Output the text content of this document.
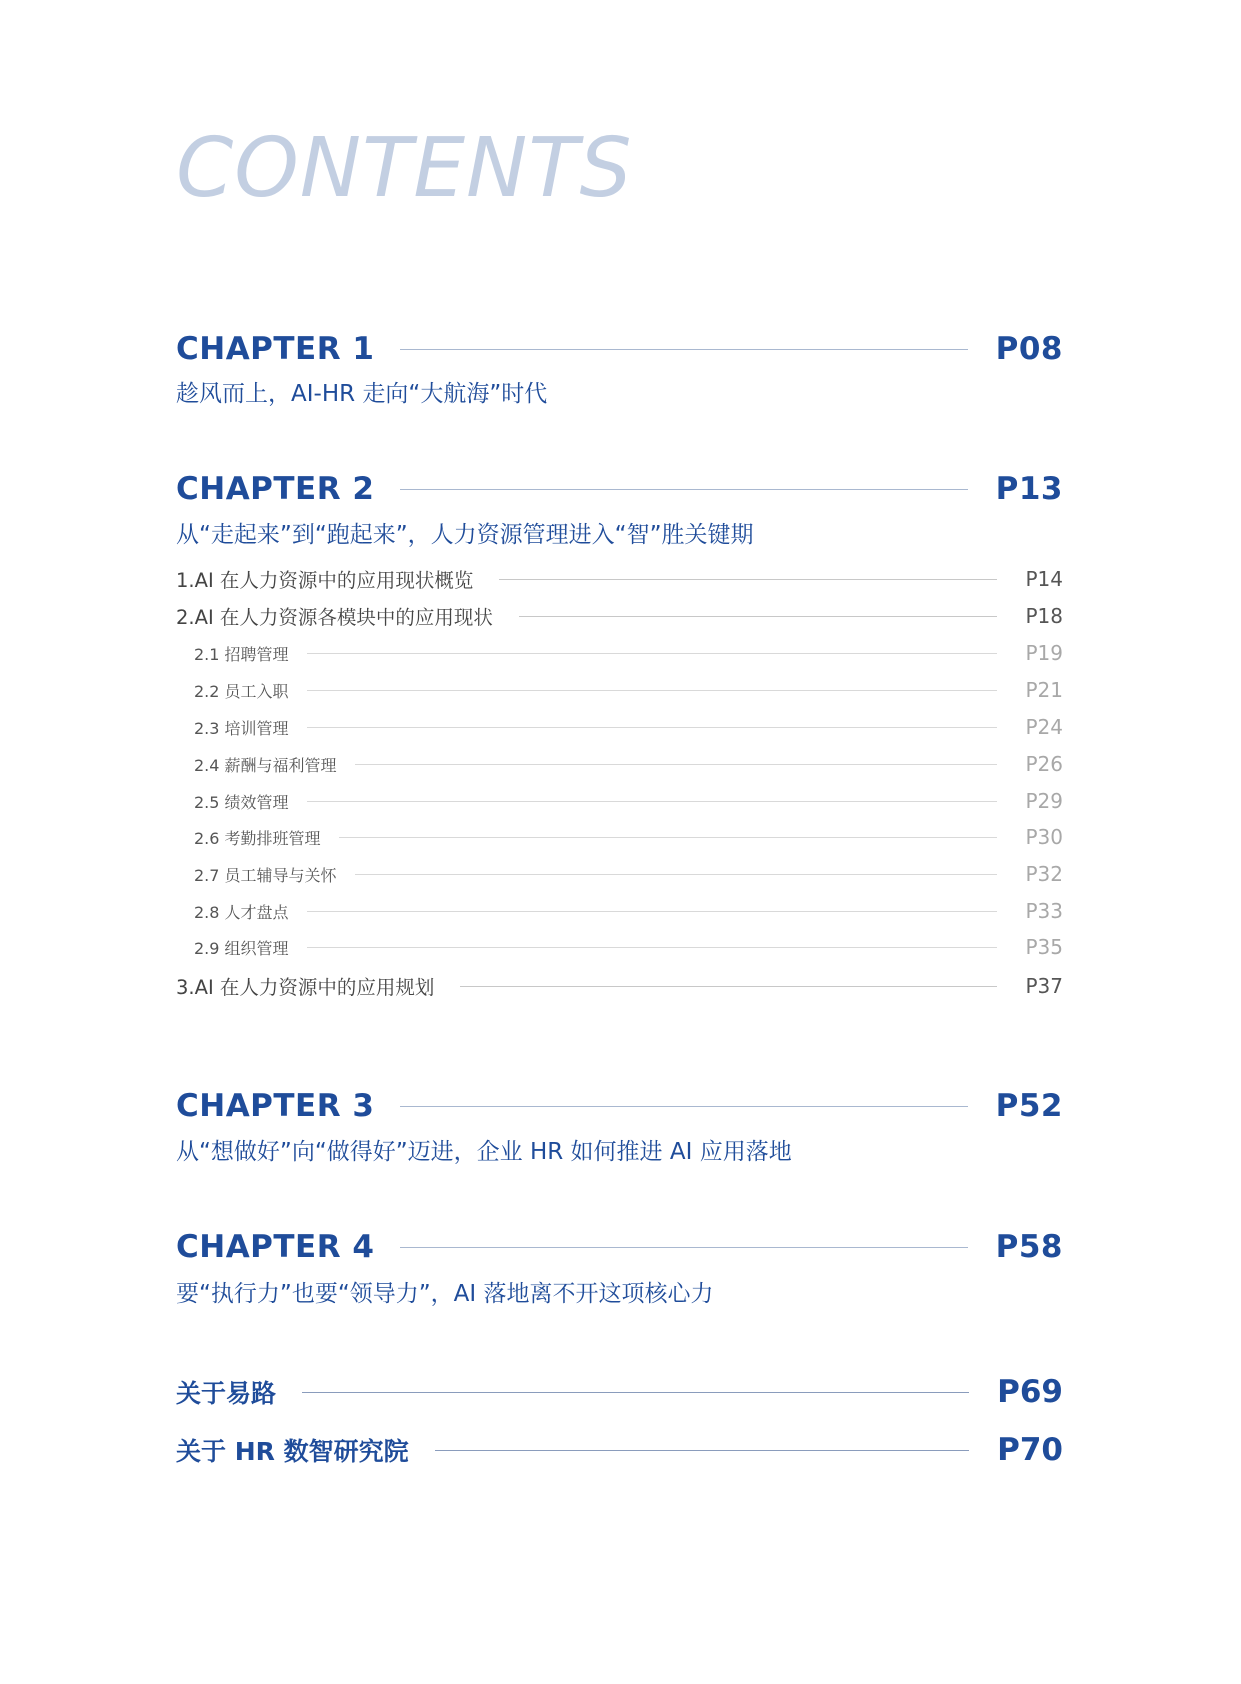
CONTENTS
CHAPTER 1	P08
趁风而上，AI-HR 走向“大航海”时代
CHAPTER 2	P13
从“走起来”到“跑起来”，人力资源管理进入“智”胜关键期
1.AI 在人力资源中的应用现状概览	P14
2.AI 在人力资源各模块中的应用现状	P18
2.1 招聘管理	P19
2.2 员工入职	P21
2.3 培训管理	P24
2.4 薪酬与福利管理	P26
2.5 绩效管理	P29
2.6 考勤排班管理	P30
2.7 员工辅导与关怀	P32
2.8 人才盘点	P33
2.9 组织管理	P35
3.AI 在人力资源中的应用规划	P37
CHAPTER 3	P52
从“想做好”向“做得好”迈进，企业 HR 如何推进 AI 应用落地
CHAPTER 4	P58
要“执行力”也要“领导力”，AI 落地离不开这项核心力
关于易路	P69
关于 HR 数智研究院	P70
